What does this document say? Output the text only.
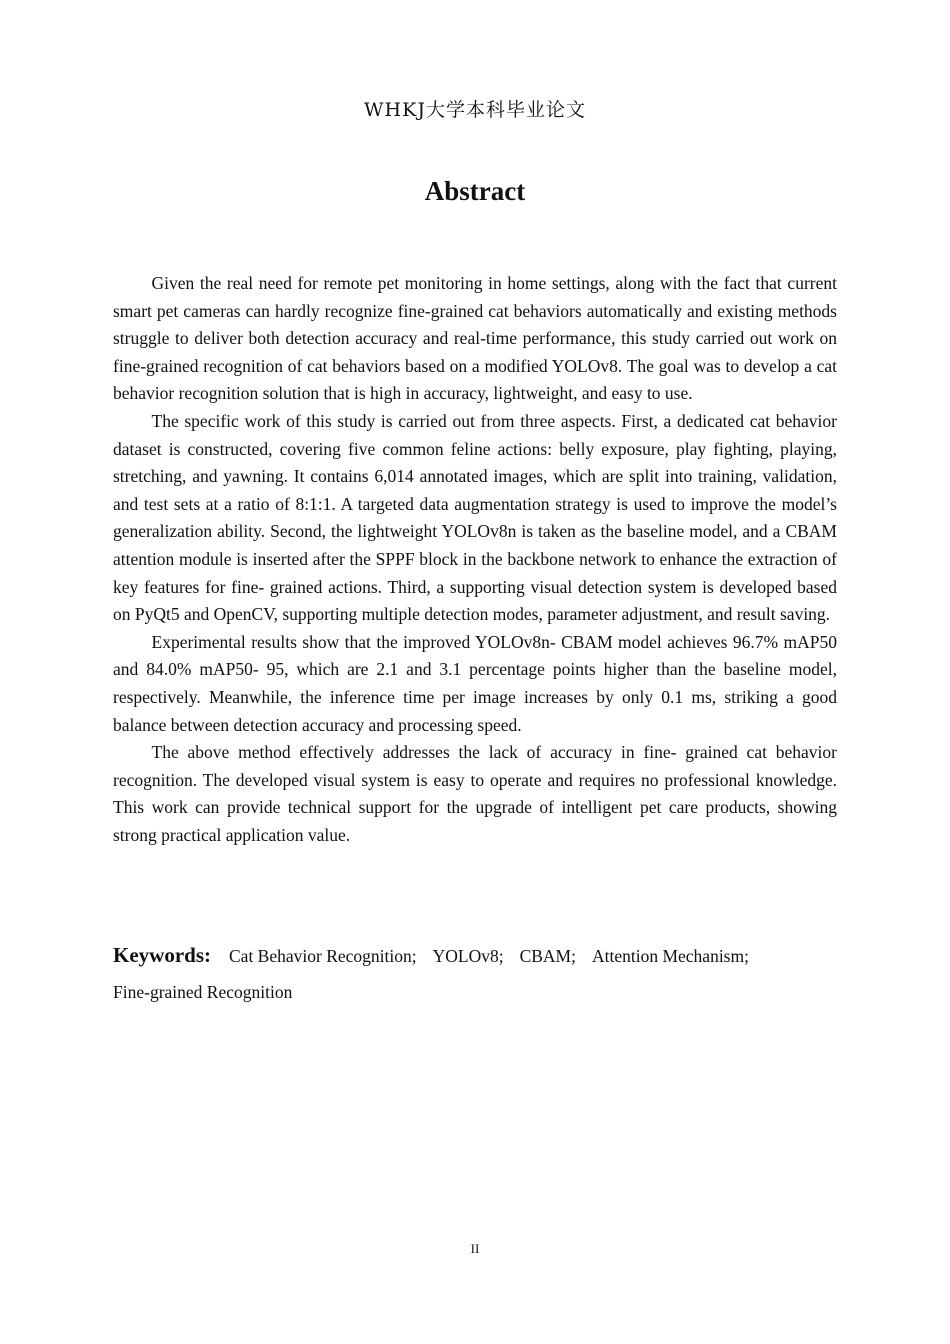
WHKJ大学本科毕业论文
Abstract

Given the real need for remote pet monitoring in home settings, along with the fact that current smart pet cameras can hardly recognize fine-grained cat behaviors automatically and existing methods struggle to deliver both detection accuracy and real-time performance, this study carried out work on fine-grained recognition of cat behaviors based on a modified YOLOv8. The goal was to develop a cat behavior recognition solution that is high in accuracy, lightweight, and easy to use.

The specific work of this study is carried out from three aspects. First, a dedicated cat behavior dataset is constructed, covering five common feline actions: belly exposure, play fighting, playing, stretching, and yawning. It contains 6,014 annotated images, which are split into training, validation, and test sets at a ratio of 8:1:1. A targeted data augmentation strategy is used to improve the model’s generalization ability. Second, the lightweight YOLOv8n is taken as the baseline model, and a CBAM attention module is inserted after the SPPF block in the backbone network to enhance the extraction of key features for fine- grained actions. Third, a supporting visual detection system is developed based on PyQt5 and OpenCV, supporting multiple detection modes, parameter adjustment, and result saving.

Experimental results show that the improved YOLOv8n- CBAM model achieves 96.7% mAP50 and 84.0% mAP50- 95, which are 2.1 and 3.1 percentage points higher than the baseline model, respectively. Meanwhile, the inference time per image increases by only 0.1 ms, striking a good balance between detection accuracy and processing speed.

The above method effectively addresses the lack of accuracy in fine- grained cat behavior recognition. The developed visual system is easy to operate and requires no professional knowledge. This work can provide technical support for the upgrade of intelligent pet care products, showing strong practical application value.

Keywords: Cat Behavior Recognition; YOLOv8; CBAM; Attention Mechanism;
Fine-grained Recognition
II
